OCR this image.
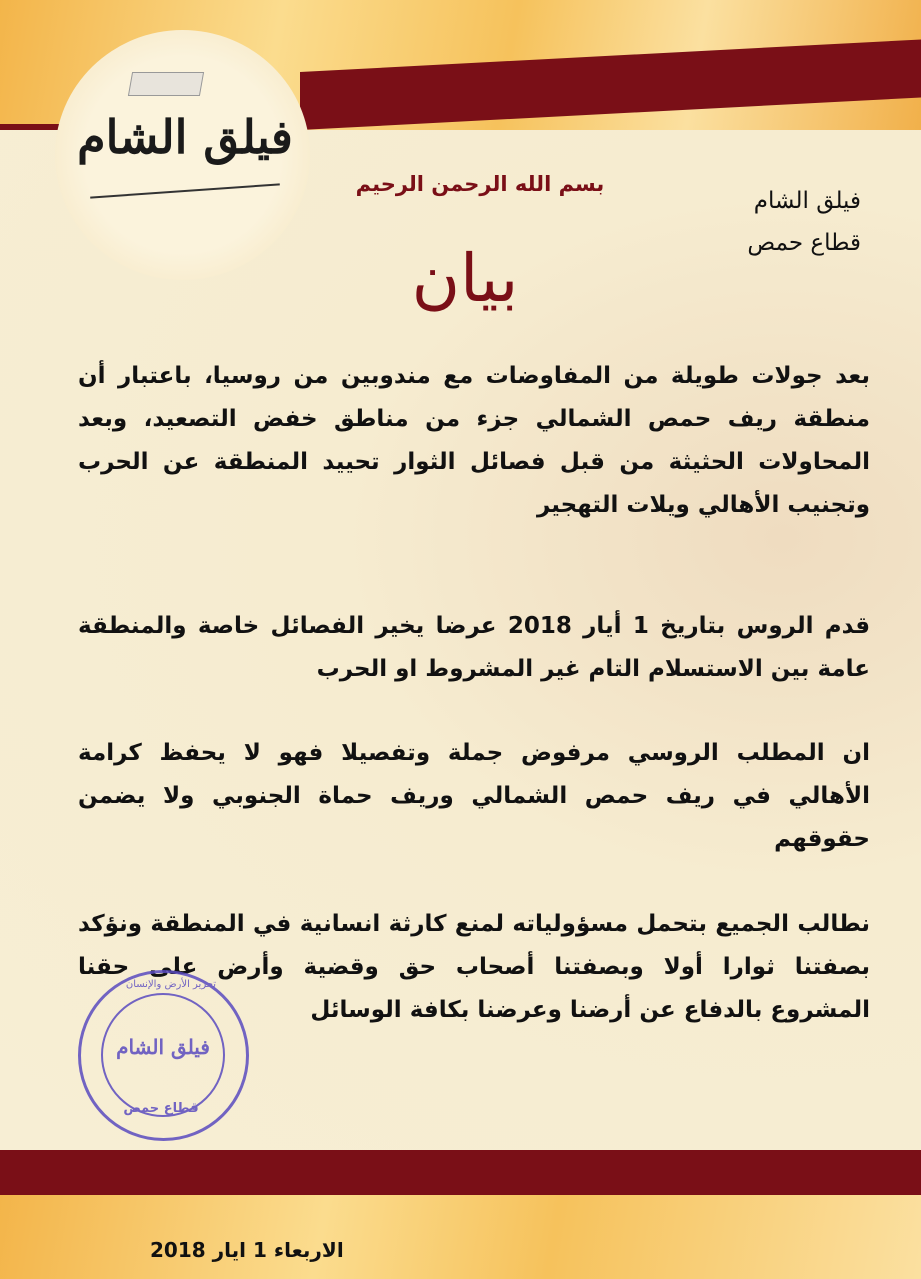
فيلق الشام
فيلق الشام
قطاع حمص
بسم الله الرحمن الرحيم
بيان
بعد جولات طويلة من المفاوضات مع مندوبين من روسيا، باعتبار أن منطقة ريف حمص الشمالي جزء من مناطق خفض التصعيد، وبعد المحاولات الحثيثة من قبل فصائل الثوار تحييد المنطقة عن الحرب وتجنيب الأهالي ويلات التهجير
قدم الروس بتاريخ 1 أيار 2018 عرضا يخير الفصائل خاصة والمنطقة عامة بين الاستسلام التام غير المشروط او الحرب
ان المطلب الروسي مرفوض جملة وتفصيلا فهو لا يحفظ كرامة الأهالي في ريف حمص الشمالي وريف حماة الجنوبي ولا يضمن حقوقهم
نطالب الجميع بتحمل مسؤولياته لمنع كارثة انسانية في المنطقة ونؤكد بصفتنا ثوارا أولا وبصفتنا أصحاب حق وقضية وأرض على حقنا المشروع بالدفاع عن أرضنا وعرضنا بكافة الوسائل
تحرير الأرض والإنسان
فيلق الشام
قطاع حمص
الاربعاء 1 ايار 2018
